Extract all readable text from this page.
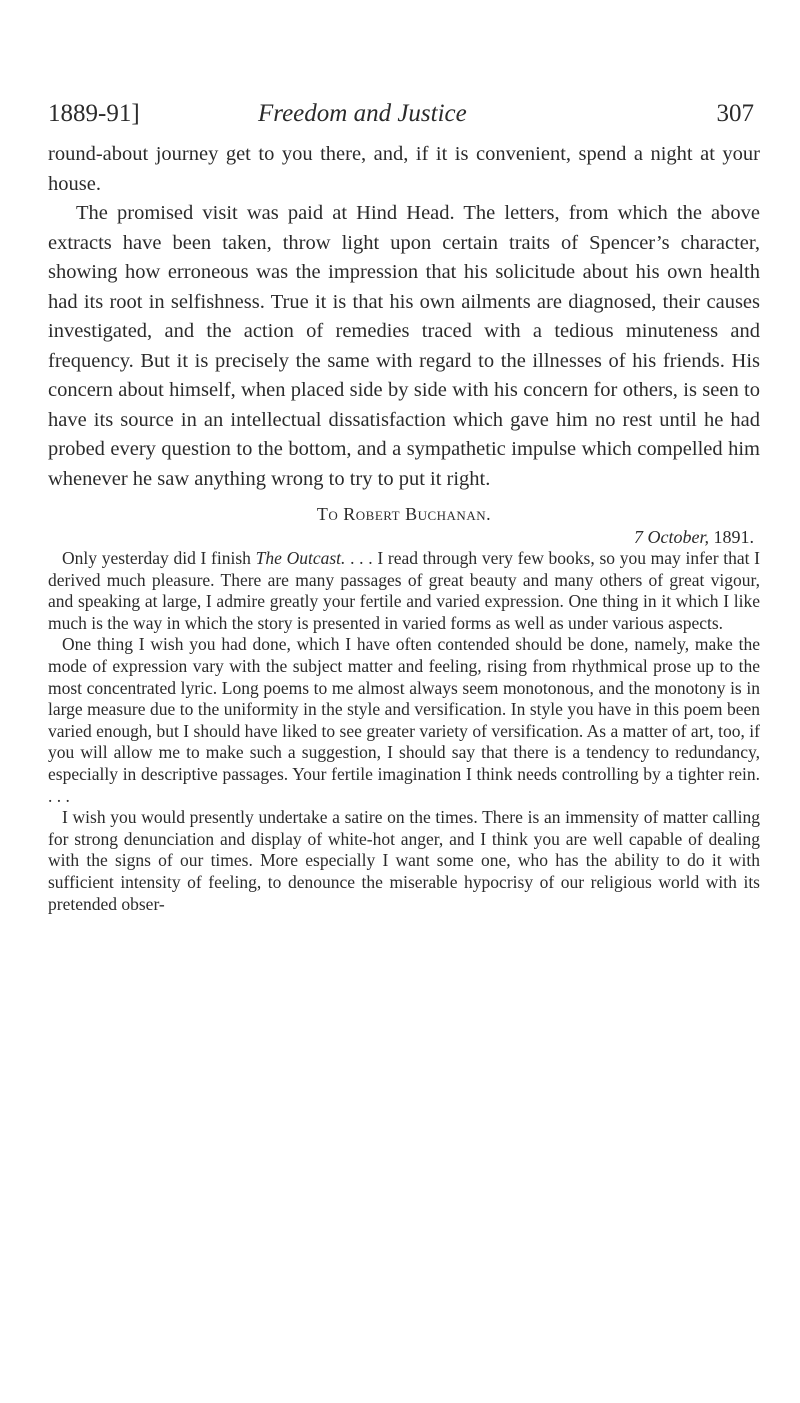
1889-91]	Freedom and Justice	307

round-about journey get to you there, and, if it is convenient, spend a night at your house.

The promised visit was paid at Hind Head. The letters, from which the above extracts have been taken, throw light upon certain traits of Spencer’s character, showing how erroneous was the impression that his solicitude about his own health had its root in selfishness. True it is that his own ailments are diagnosed, their causes investigated, and the action of remedies traced with a tedious minuteness and frequency. But it is precisely the same with regard to the illnesses of his friends. His concern about himself, when placed side by side with his concern for others, is seen to have its source in an intellectual dissatisfaction which gave him no rest until he had probed every question to the bottom, and a sympathetic impulse which compelled him whenever he saw anything wrong to try to put it right.

To Robert Buchanan.
7 October, 1891.

Only yesterday did I finish The Outcast. . . . I read through very few books, so you may infer that I derived much pleasure. There are many passages of great beauty and many others of great vigour, and speaking at large, I admire greatly your fertile and varied expression. One thing in it which I like much is the way in which the story is presented in varied forms as well as under various aspects.

One thing I wish you had done, which I have often contended should be done, namely, make the mode of expression vary with the subject matter and feeling, rising from rhythmical prose up to the most concentrated lyric. Long poems to me almost always seem monotonous, and the monotony is in large measure due to the uniformity in the style and versification. In style you have in this poem been varied enough, but I should have liked to see greater variety of versification. As a matter of art, too, if you will allow me to make such a suggestion, I should say that there is a tendency to redundancy, especially in descriptive passages. Your fertile imagination I think needs controlling by a tighter rein. . . .

I wish you would presently undertake a satire on the times. There is an immensity of matter calling for strong denunciation and display of white-hot anger, and I think you are well capable of dealing with the signs of our times. More especially I want some one, who has the ability to do it with sufficient intensity of feeling, to denounce the miserable hypocrisy of our religious world with its pretended obser-
